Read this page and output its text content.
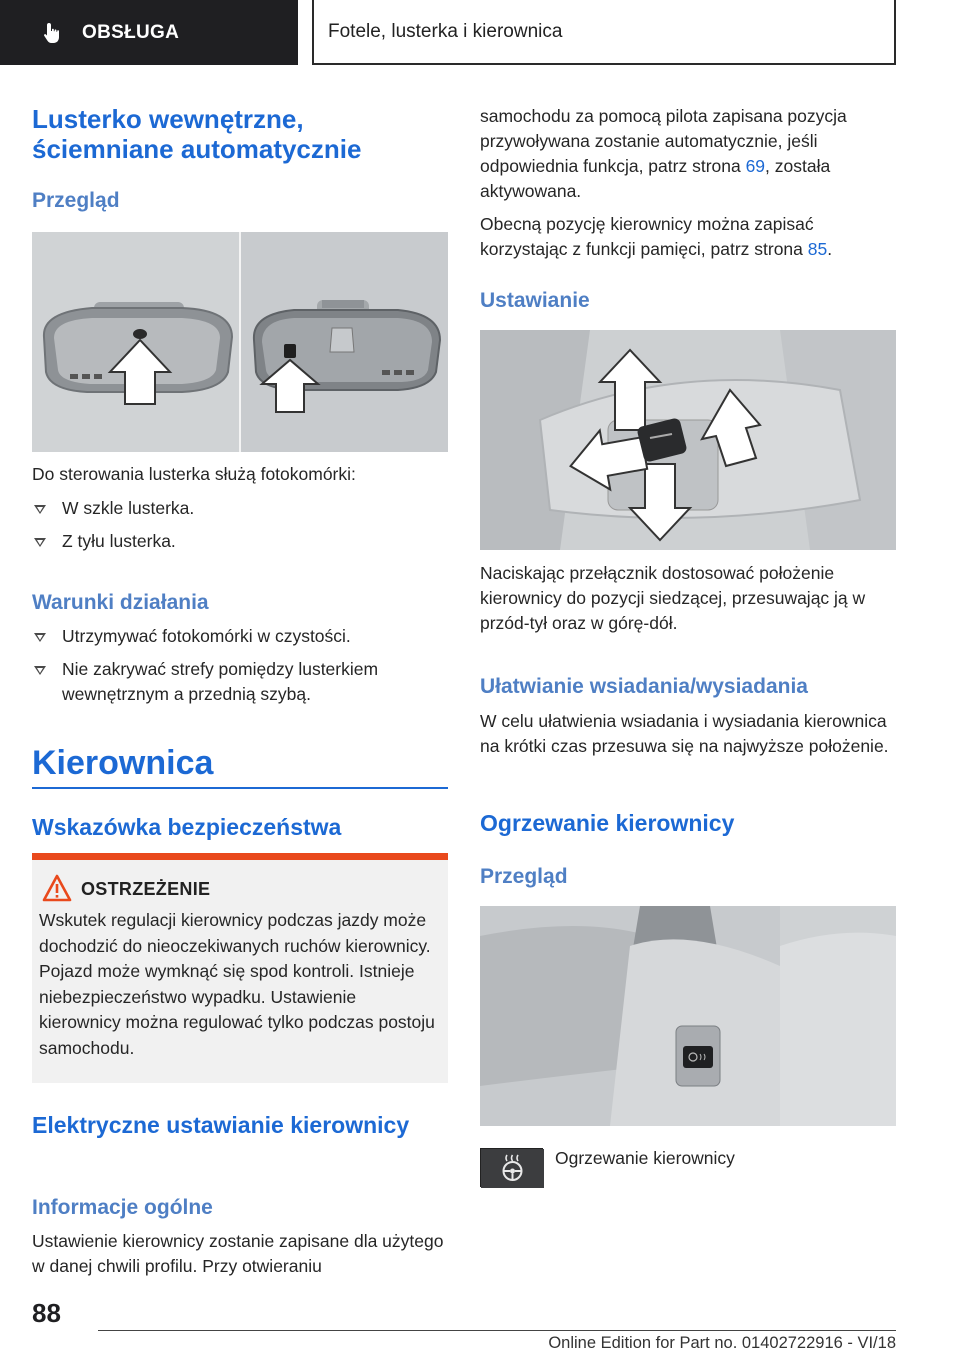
OBSŁUGA	Fotele, lusterka i kierownica
Lusterko wewnętrzne, ściemniane automatycznie
Przegląd
Do sterowania lusterka służą fotokomórki:
W szkle lusterka.
Z tyłu lusterka.
Warunki działania
Utrzymywać fotokomórki w czystości.
Nie zakrywać strefy pomiędzy lusterkiem wewnętrznym a przednią szybą.
Kierownica
Wskazówka bezpieczeństwa
OSTRZEŻENIE
Wskutek regulacji kierownicy podczas jazdy może dochodzić do nieoczekiwanych ruchów kierownicy. Pojazd może wymknąć się spod kontroli. Istnieje niebezpieczeństwo wypadku. Ustawienie kierownicy można regulować tylko podczas postoju samochodu.
Elektryczne ustawianie kierownicy
Informacje ogólne
Ustawienie kierownicy zostanie zapisane dla użytego w danej chwili profilu. Przy otwieraniu
samochodu za pomocą pilota zapisana pozycja przywoływana zostanie automatycznie, jeśli odpowiednia funkcja, patrz strona 69, została aktywowana.
Obecną pozycję kierownicy można zapisać korzystając z funkcji pamięci, patrz strona 85.
Ustawianie
Naciskając przełącznik dostosować położenie kierownicy do pozycji siedzącej, przesuwając ją w przód-tył oraz w górę-dół.
Ułatwianie wsiadania/wysiadania
W celu ułatwienia wsiadania i wysiadania kierownica na krótki czas przesuwa się na najwyższe położenie.
Ogrzewanie kierownicy
Przegląd
Ogrzewanie kierownicy
88
Online Edition for Part no. 01402722916 - VI/18
